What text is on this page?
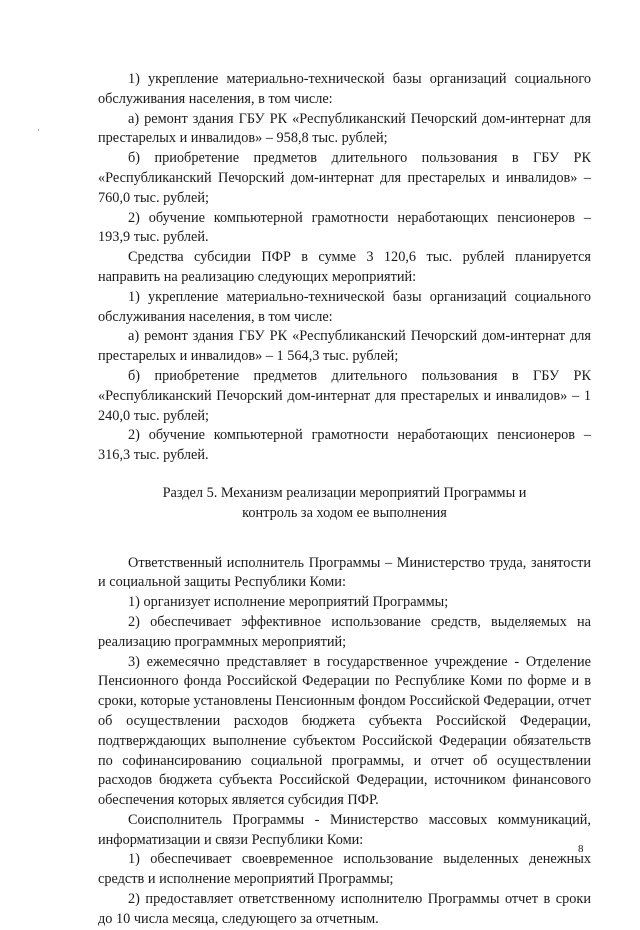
·

1) укрепление материально-технической базы организаций социального обслуживания населения, в том числе:

а) ремонт здания ГБУ РК «Республиканский Печорский дом-интернат для престарелых и инвалидов» – 958,8 тыс. рублей;

б) приобретение предметов длительного пользования в ГБУ РК «Республиканский Печорский дом-интернат для престарелых и инвалидов» – 760,0 тыс. рублей;

2) обучение компьютерной грамотности неработающих пенсионеров – 193,9 тыс. рублей.

Средства субсидии ПФР в сумме 3 120,6 тыс. рублей планируется направить на реализацию следующих мероприятий:

1) укрепление материально-технической базы организаций социального обслуживания населения, в том числе:

а) ремонт здания ГБУ РК «Республиканский Печорский дом-интернат для престарелых и инвалидов» – 1 564,3 тыс. рублей;

б) приобретение предметов длительного пользования в ГБУ РК «Республиканский Печорский дом-интернат для престарелых и инвалидов» – 1 240,0 тыс. рублей;

2) обучение компьютерной грамотности неработающих пенсионеров – 316,3 тыс. рублей.

Раздел 5. Механизм реализации мероприятий Программы и
контроль за ходом ее выполнения

Ответственный исполнитель Программы – Министерство труда, занятости и социальной защиты Республики Коми:

1) организует исполнение мероприятий Программы;

2) обеспечивает эффективное использование средств, выделяемых на реализацию программных мероприятий;

3) ежемесячно представляет в государственное учреждение - Отделение Пенсионного фонда Российской Федерации по Республике Коми по форме и в сроки, которые установлены Пенсионным фондом Российской Федерации, отчет об осуществлении расходов бюджета субъекта Российской Федерации, подтверждающих выполнение субъектом Российской Федерации обязательств по софинансированию социальной программы, и отчет об осуществлении расходов бюджета субъекта Российской Федерации, источником финансового обеспечения которых является субсидия ПФР.

Соисполнитель Программы - Министерство массовых коммуникаций, информатизации и связи Республики Коми:

1) обеспечивает своевременное использование выделенных денежных средств и исполнение мероприятий Программы;

2) предоставляет ответственному исполнителю Программы отчет в сроки до 10 числа месяца, следующего за отчетным.

8
